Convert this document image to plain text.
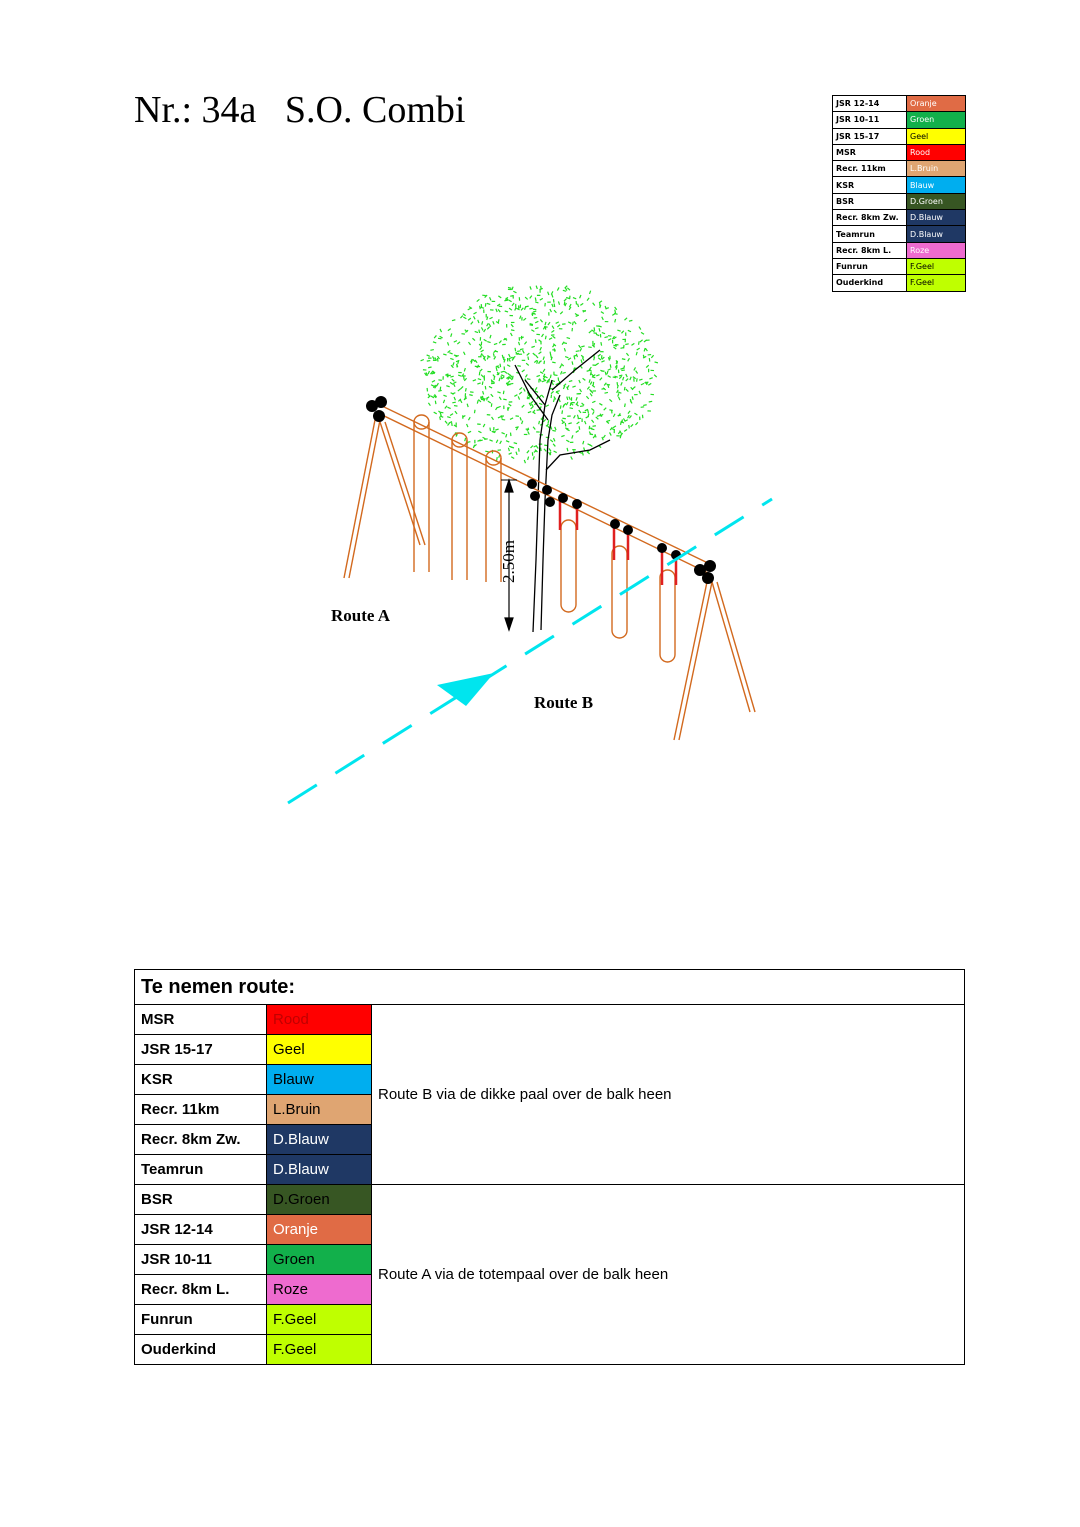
Nr.: 34a   S.O. Combi	JSR 12-14	Oranje
JSR 10-11	Groen
JSR 15-17	Geel
MSR	Rood
Recr. 11km	L.Bruin
KSR	Blauw
BSR	D.Groen
Recr. 8km Zw.	D.Blauw
Teamrun	D.Blauw
Recr. 8km L.	Roze
Funrun	F.Geel
Ouderkind	F.Geel
2.50m
Route A
Route B
Te nemen route:		
MSR	Rood	Route B via de dikke paal over de balk heen
JSR 15-17	Geel	
KSR	Blauw	
Recr. 11km	L.Bruin	
Recr. 8km Zw.	D.Blauw	
Teamrun	D.Blauw	
BSR	D.Groen	Route A via de totempaal over de balk heen
JSR 12-14	Oranje	
JSR 10-11	Groen	
Recr. 8km L.	Roze	
Funrun	F.Geel	
Ouderkind	F.Geel	
